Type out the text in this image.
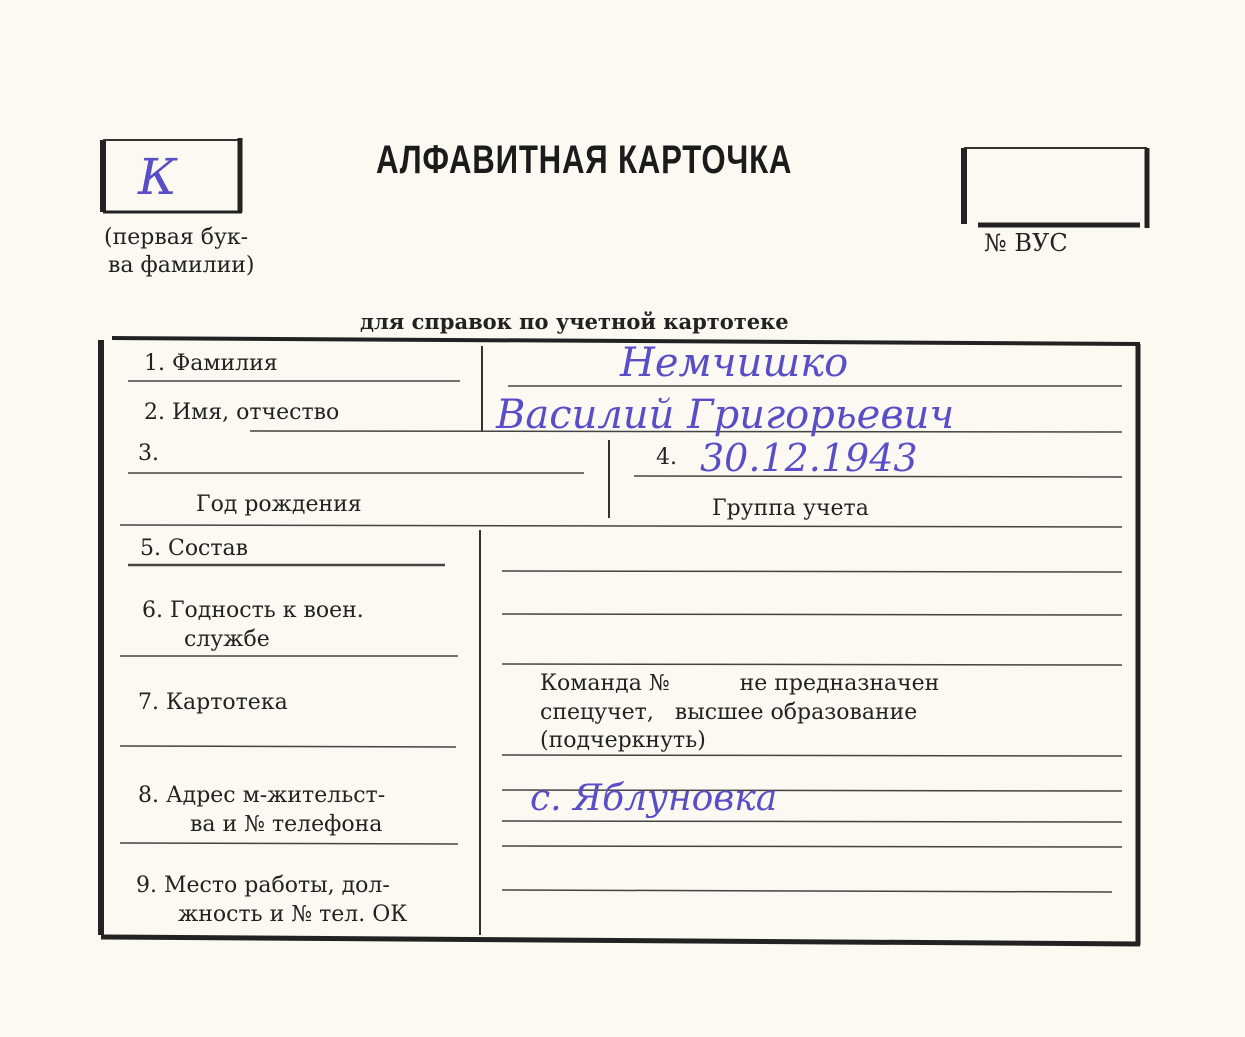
К
(первая бук-
ва фамилии)
АЛФАВИТНАЯ КАРТОЧКА
№ ВУС
для справок по учетной картотеке
1. Фамилия	Немчишко
2. Имя, отчество	Василий Григорьевич
3.
Год рождения
4. 30.12.1943
Группа учета
5. Состав
6. Годность к воен.
службе
7. Картотека
Команда №          не предназначен
спецучет,   высшее образование
(подчеркнуть)
8. Адрес м-жительст-
ва и № телефона
с. Яблуновка
9. Место работы, дол-
жность и № тел. ОК
